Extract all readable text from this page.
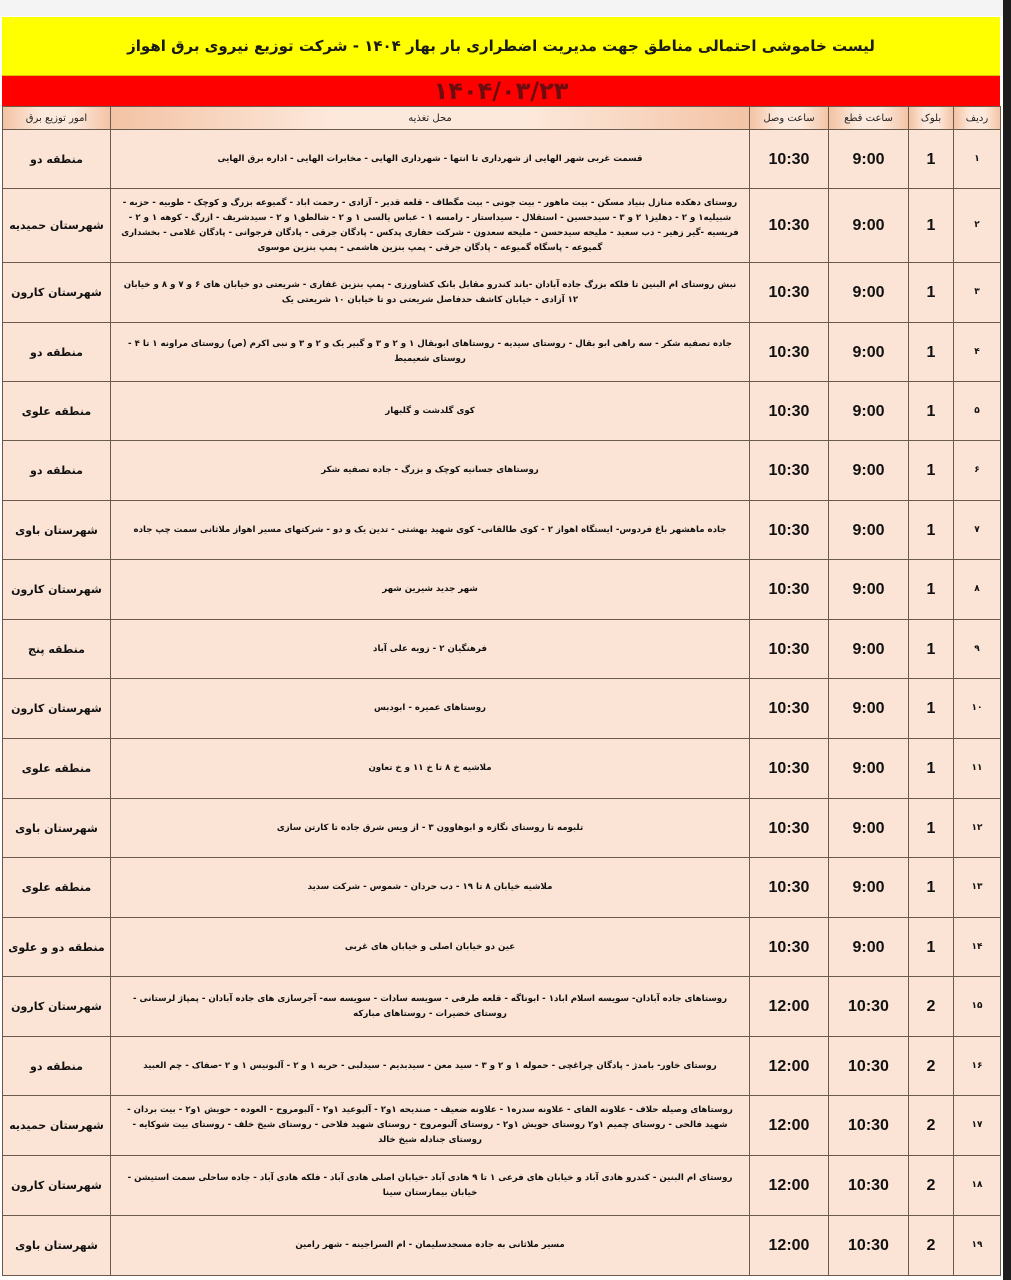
لیست خاموشی احتمالی مناطق جهت مدیریت اضطراری بار بهار ۱۴۰۴ - شرکت توزیع نیروی برق اهواز
۱۴۰۴/۰۳/۲۳
ردیف	بلوک	ساعت قطع	ساعت وصل	محل تغذیه	امور توزیع برق
۱	1	9:00	10:30	قسمت غربی شهر الهایی از شهرداری تا انتها - شهرداری الهایی - مخابرات الهایی - اداره برق الهایی	منطقه دو
۲	1	9:00	10:30	روستای دهکده منازل بنیاد مسکن - بیت ماهور - بیت جونی - بیت مگطاف - قلعه قدیر - آزادی - رحمت اباد - گمیوعه بزرگ و کوچک - طوبیه - حزبه - شبیلیه۱ و ۲ - دهلیز۱ ۲ و ۳ - سیدحسین - استقلال - سیداستار - رامسه ۱ - عباس یالسی ۱ و ۲ - شالطق۱ و ۲ - سیدشریف - ازرگ - کوهه ۱ و ۲ - فریسیه -گیر زهیر - دب سعید - ملیحه سیدحسن - ملیحه سعدون - شرکت حفاری پدکس - پادگان جرقی - پادگان فرجوانی - پادگان غلامی - بخشداری گمیوعه - پاسگاه گمیوعه - پادگان جرقی - پمپ بنزین هاشمی - پمپ بنزین موسوی	شهرستان حمیدیه
۳	1	9:00	10:30	نبش روستای ام البنین تا فلکه بزرگ جاده آبادان -باند کندرو مقابل بانک کشاورزی - پمپ بنزین غفاری - شریعتی دو خیابان های ۶ و ۷ و ۸ و خیابان ۱۲ آزادی - خیابان کاشف حدفاصل شریعتی دو تا خیابان ۱۰ شریعتی یک	شهرستان کارون
۴	1	9:00	10:30	جاده تصفیه شکر - سه راهی ابو بقال - روستای سیدیه - روستاهای ابوبقال ۱ و ۲ و ۳ و گبیر یک و ۲ و ۳ و نبی اکرم (ص) روستای مراونه ۱ تا ۴ - روستای شعیمیط	منطقه دو
۵	1	9:00	10:30	کوی گلدشت و گلبهار	منطقه علوی
۶	1	9:00	10:30	روستاهای جسانیه کوچک و بزرگ - جاده تصفیه شکر	منطقه دو
۷	1	9:00	10:30	جاده ماهشهر باغ فردوس- ایستگاه اهواز ۲ - کوی طالقانی- کوی شهید بهشتی - تدین یک و دو - شرکتهای مسیر اهواز ملاثانی سمت چپ جاده	شهرستان باوی
۸	1	9:00	10:30	شهر جدید شیرین شهر	شهرستان کارون
۹	1	9:00	10:30	فرهنگیان ۲ - زویه علی آباد	منطقه پنج
۱۰	1	9:00	10:30	روستاهای عمیره - ابودبس	شهرستان کارون
۱۱	1	9:00	10:30	ملاشیه خ ۸ تا خ ۱۱ و خ تعاون	منطقه علوی
۱۲	1	9:00	10:30	تلبومه تا روستای نگازه و ابوهاوون ۳ - از ویس شرق جاده تا کارتن سازی	شهرستان باوی
۱۳	1	9:00	10:30	ملاشیه خیابان ۸ تا ۱۹ - دب حردان - شموس - شرکت سدید	منطقه علوی
۱۴	1	9:00	10:30	عین دو خیابان اصلی و خیابان های غربی	منطقه دو و علوی
۱۵	2	10:30	12:00	روستاهای جاده آبادان- سویسه اسلام اباد۱ - ابوناگه - قلعه طرفی - سویسه سادات - سویسه سه- آجرسازی های جاده آبادان - پمپاژ لرستانی - روستای خضیرات - روستاهای مبارکه	شهرستان کارون
۱۶	2	10:30	12:00	روستای خاور- بامدژ - پادگان چراغچی - حموله ۱ و ۲ و ۳ - سید معن - سیدبدیم - سیدلبی - حریه ۱ و ۲ - آلبونیس ۱ و ۲ -صفاک - چم العبید	منطقه دو
۱۷	2	10:30	12:00	روستاهای وصیله حلاف - علاونه الفای - علاونه سدره۱ - علاونه ضعیف - صندیحه ۱و۲ - آلبوعید ۱و۲ - آلبومروح - العوده - حویش ۱و۲ - بیت بردان - شهید فالحی - روستای چمیم ۱و۲ روستای حویش ۱و۲ - روستای آلبومروح - روستای شهید فلاحی - روستای شیخ خلف - روستای بیت شوکایه - روستای جنادله شیخ خالد	شهرستان حمیدیه
۱۸	2	10:30	12:00	روستای ام البنین - کندرو هادی آباد و خیابان های فرعی ۱ تا ۹ هادی آباد -خیابان اصلی هادی آباد - فلکه هادی آباد - جاده ساحلی سمت استیشن - خیابان بیمارستان سینا	شهرستان کارون
۱۹	2	10:30	12:00	مسیر ملاثانی به جاده مسجدسلیمان - ام السراجینه - شهر رامین	شهرستان باوی
